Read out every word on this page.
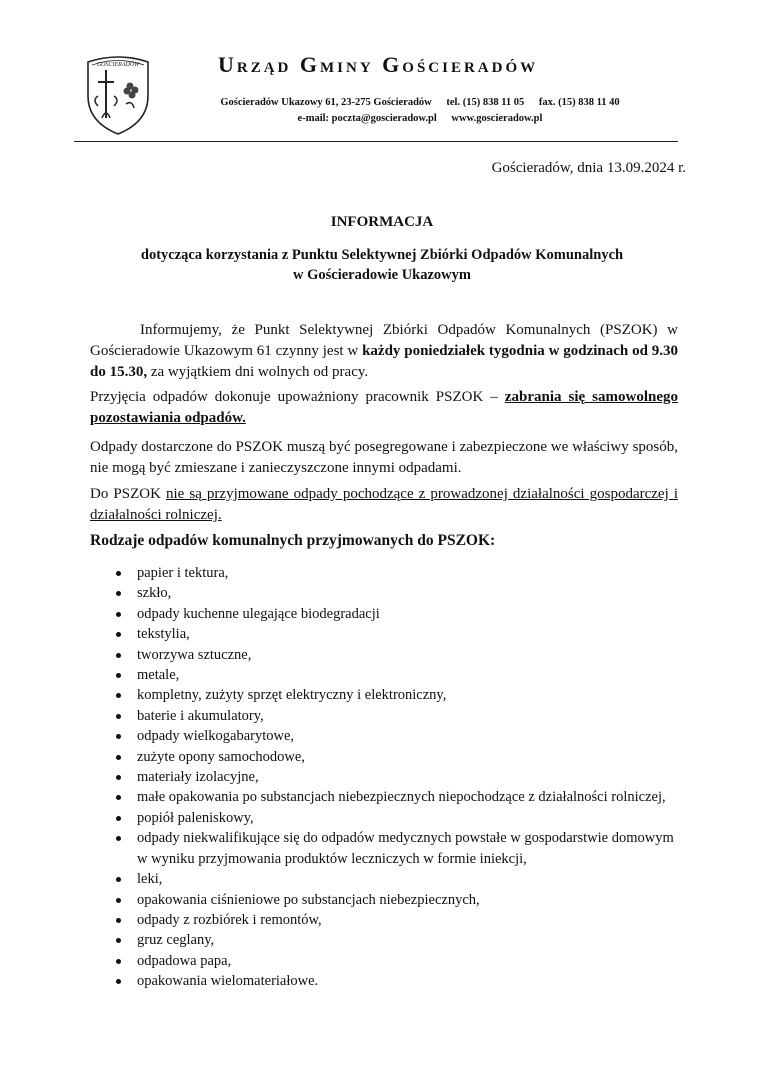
GOŚCIERADÓW	Urząd Gminy Gościeradów
Gościeradów Ukazowy 61, 23-275 Gościeradów tel. (15) 838 11 05 fax. (15) 838 11 40
e-mail: poczta@goscieradow.pl www.goscieradow.pl
Gościeradów, dnia 13.09.2024 r.
INFORMACJA
dotycząca korzystania z Punktu Selektywnej Zbiórki Odpadów Komunalnych
w Gościeradowie Ukazowym
Informujemy, że Punkt Selektywnej Zbiórki Odpadów Komunalnych (PSZOK) w Gościeradowie Ukazowym 61 czynny jest w każdy poniedziałek tygodnia w godzinach od 9.30 do 15.30, za wyjątkiem dni wolnych od pracy.
Przyjęcia odpadów dokonuje upoważniony pracownik PSZOK – zabrania się samowolnego pozostawiania odpadów.
Odpady dostarczone do PSZOK muszą być posegregowane i zabezpieczone we właściwy sposób, nie mogą być zmieszane i zanieczyszczone innymi odpadami.
Do PSZOK nie są przyjmowane odpady pochodzące z prowadzonej działalności gospodarczej i działalności rolniczej.
Rodzaje odpadów komunalnych przyjmowanych do PSZOK:
papier i tektura,
szkło,
odpady kuchenne ulegające biodegradacji
tekstylia,
tworzywa sztuczne,
metale,
kompletny, zużyty sprzęt elektryczny i elektroniczny,
baterie i akumulatory,
odpady wielkogabarytowe,
zużyte opony samochodowe,
materiały izolacyjne,
małe opakowania po substancjach niebezpiecznych niepochodzące z działalności rolniczej,
popiół paleniskowy,
odpady niekwalifikujące się do odpadów medycznych powstałe w gospodarstwie domowym w wyniku przyjmowania produktów leczniczych w formie iniekcji,
leki,
opakowania ciśnieniowe po substancjach niebezpiecznych,
odpady z rozbiórek i remontów,
gruz ceglany,
odpadowa papa,
opakowania wielomateriałowe.
